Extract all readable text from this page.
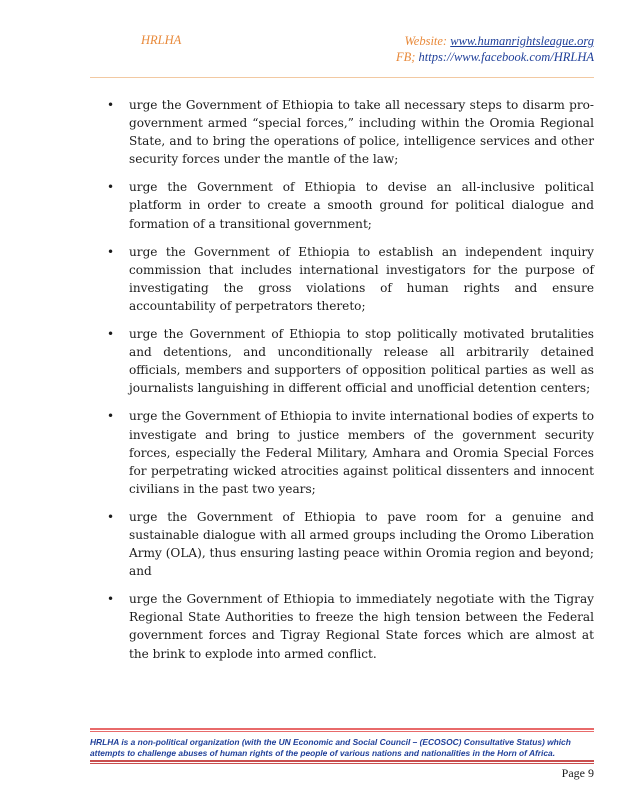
HRLHA	Website: www.humanrightsleague.org
FB; https://www.facebook.com/HRLHA
• urge the Government of Ethiopia to take all necessary steps to disarm pro-government armed “special forces,” including within the Oromia Regional State, and to bring the operations of police, intelligence services and other security forces under the mantle of the law;
• urge the Government of Ethiopia to devise an all-inclusive political platform in order to create a smooth ground for political dialogue and formation of a transitional government;
• urge the Government of Ethiopia to establish an independent inquiry commission that includes international investigators for the purpose of investigating the gross violations of human rights and ensure accountability of perpetrators thereto;
• urge the Government of Ethiopia to stop politically motivated brutalities and detentions, and unconditionally release all arbitrarily detained officials, members and supporters of opposition political parties as well as journalists languishing in different official and unofficial detention centers;
• urge the Government of Ethiopia to invite international bodies of experts to investigate and bring to justice members of the government security forces, especially the Federal Military, Amhara and Oromia Special Forces for perpetrating wicked atrocities against political dissenters and innocent civilians in the past two years;
• urge the Government of Ethiopia to pave room for a genuine and sustainable dialogue with all armed groups including the Oromo Liberation Army (OLA), thus ensuring lasting peace within Oromia region and beyond; and
• urge the Government of Ethiopia to immediately negotiate with the Tigray Regional State Authorities to freeze the high tension between the Federal government forces and Tigray Regional State forces which are almost at the brink to explode into armed conflict.
HRLHA is a non-political organization (with the UN Economic and Social Council – (ECOSOC) Consultative Status) which attempts to challenge abuses of human rights of the people of various nations and nationalities in the Horn of Africa.
Page 9
